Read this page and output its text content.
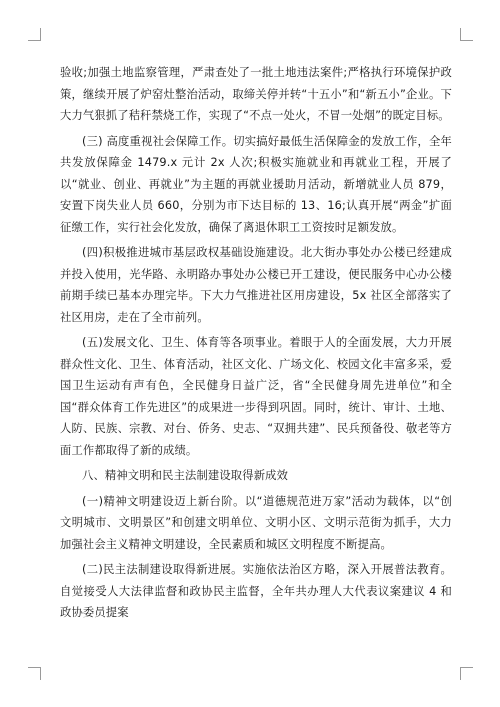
验收;加强土地监察管理，严肃查处了一批土地违法案件;严格执行环境保护政策，继续开展了炉窑灶整治活动，取缔关停并转“十五小”和“新五小”企业。下大力气狠抓了秸秆禁烧工作，实现了“不点一处火，不冒一处烟”的既定目标。

(三) 高度重视社会保障工作。切实搞好最低生活保障金的发放工作，全年共发放保障金 1479.x 元计 2x 人次;积极实施就业和再就业工程，开展了以“就业、创业、再就业”为主题的再就业援助月活动，新增就业人员 879，安置下岗失业人员 660，分别为市下达目标的 13、16;认真开展“两金”扩面征缴工作，实行社会化发放，确保了离退休职工工资按时足额发放。

(四)积极推进城市基层政权基础设施建设。北大街办事处办公楼已经建成并投入使用，光华路、永明路办事处办公楼已开工建设，便民服务中心办公楼前期手续已基本办理完毕。下大力气推进社区用房建设，5x 社区全部落实了社区用房，走在了全市前列。

(五)发展文化、卫生、体育等各项事业。着眼于人的全面发展，大力开展群众性文化、卫生、体育活动，社区文化、广场文化、校园文化丰富多采，爱国卫生运动有声有色，全民健身日益广泛，省“全民健身周先进单位”和全国“群众体育工作先进区”的成果进一步得到巩固。同时，统计、审计、土地、人防、民族、宗教、对台、侨务、史志、“双拥共建”、民兵预备役、敬老等方面工作都取得了新的成绩。

八、精神文明和民主法制建设取得新成效

(一)精神文明建设迈上新台阶。以“道德规范进万家”活动为载体，以“创文明城市、文明景区”和创建文明单位、文明小区、文明示范街为抓手，大力加强社会主义精神文明建设，全民素质和城区文明程度不断提高。

(二)民主法制建设取得新进展。实施依法治区方略，深入开展普法教育。自觉接受人大法律监督和政协民主监督，全年共办理人大代表议案建议 4 和政协委员提案
